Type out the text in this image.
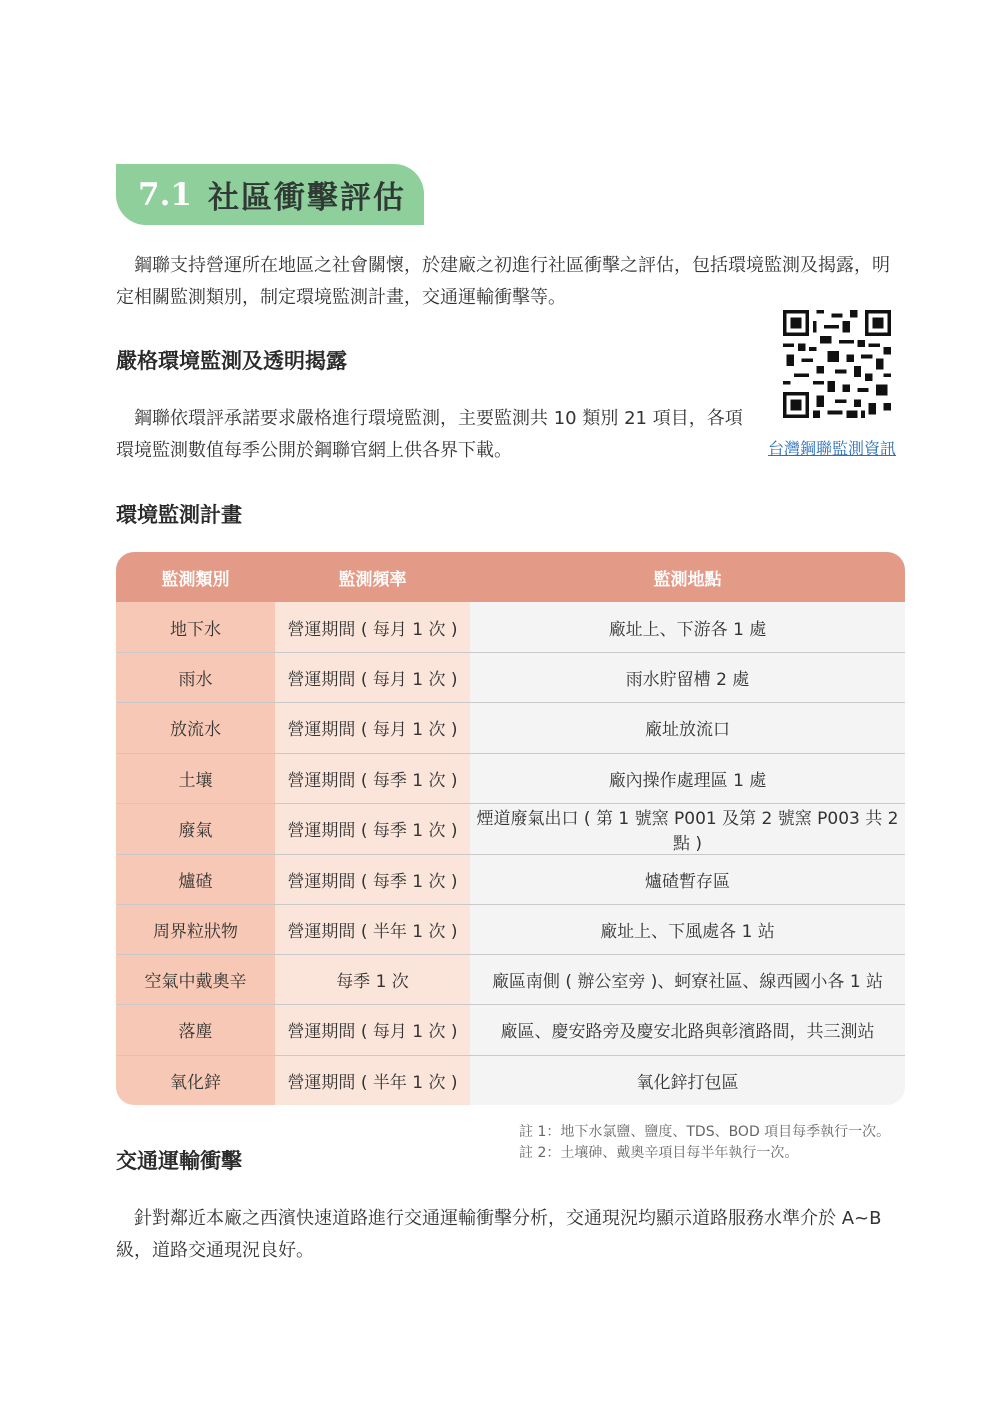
7.1 社區衝擊評估

鋼聯支持營運所在地區之社會關懷，於建廠之初進行社區衝擊之評估，包括環境監測及揭露，明定相關監測類別，制定環境監測計畫，交通運輸衝擊等。

嚴格環境監測及透明揭露

鋼聯依環評承諾要求嚴格進行環境監測，主要監測共 10 類別 21 項目，各項環境監測數值每季公開於鋼聯官網上供各界下載。	台灣鋼聯監測資訊
環境監測計畫
監測類別	監測頻率	監測地點
地下水	營運期間 ( 每月 1 次 )	廠址上、下游各 1 處
雨水	營運期間 ( 每月 1 次 )	雨水貯留槽 2 處
放流水	營運期間 ( 每月 1 次 )	廠址放流口
土壤	營運期間 ( 每季 1 次 )	廠內操作處理區 1 處
廢氣	營運期間 ( 每季 1 次 )	煙道廢氣出口 ( 第 1 號窯 P001 及第 2 號窯 P003 共 2 點 )
爐碴	營運期間 ( 每季 1 次 )	爐碴暫存區
周界粒狀物	營運期間 ( 半年 1 次 )	廠址上、下風處各 1 站
空氣中戴奧辛	每季 1 次	廠區南側 ( 辦公室旁 )、蚵寮社區、線西國小各 1 站
落塵	營運期間 ( 每月 1 次 )	廠區、慶安路旁及慶安北路與彰濱路間，共三測站
氧化鋅	營運期間 ( 半年 1 次 )	氧化鋅打包區
註 1：地下水氯鹽、鹽度、TDS、BOD 項目每季執行一次。
註 2：土壤砷、戴奧辛項目每半年執行一次。
交通運輸衝擊

針對鄰近本廠之西濱快速道路進行交通運輸衝擊分析，交通現況均顯示道路服務水準介於 A~B 級，道路交通現況良好。
